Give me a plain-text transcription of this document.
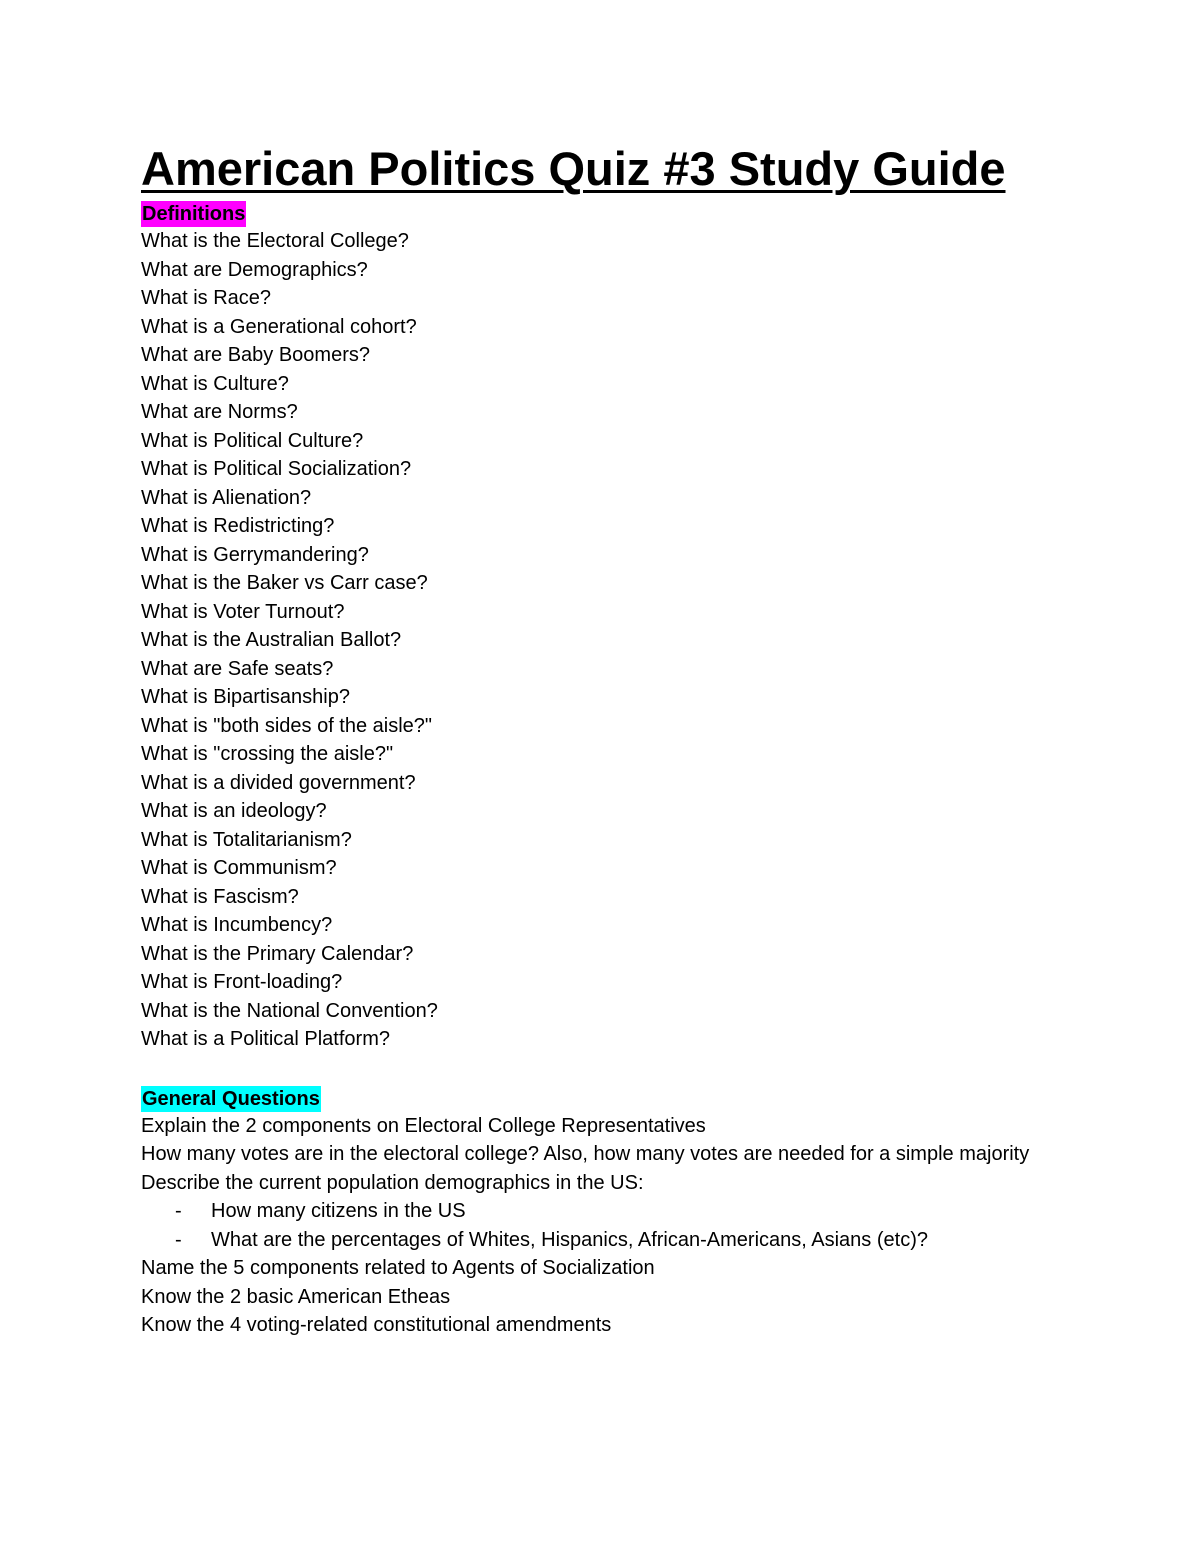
American Politics Quiz #3 Study Guide
Definitions
What is the Electoral College?
What are Demographics?
What is Race?
What is a Generational cohort?
What are Baby Boomers?
What is Culture?
What are Norms?
What is Political Culture?
What is Political Socialization?
What is Alienation?
What is Redistricting?
What is Gerrymandering?
What is the Baker vs Carr case?
What is Voter Turnout?
What is the Australian Ballot?
What are Safe seats?
What is Bipartisanship?
What is "both sides of the aisle?"
What is "crossing the aisle?"
What is a divided government?
What is an ideology?
What is Totalitarianism?
What is Communism?
What is Fascism?
What is Incumbency?
What is the Primary Calendar?
What is Front-loading?
What is the National Convention?
What is a Political Platform?
General Questions

Explain the 2 components on Electoral College Representatives

How many votes are in the electoral college? Also, how many votes are needed for a simple majority

Describe the current population demographics in the US:

- How many citizens in the US
- What are the percentages of Whites, Hispanics, African-Americans, Asians (etc)?

Name the 5 components related to Agents of Socialization

Know the 2 basic American Etheas

Know the 4 voting-related constitutional amendments
